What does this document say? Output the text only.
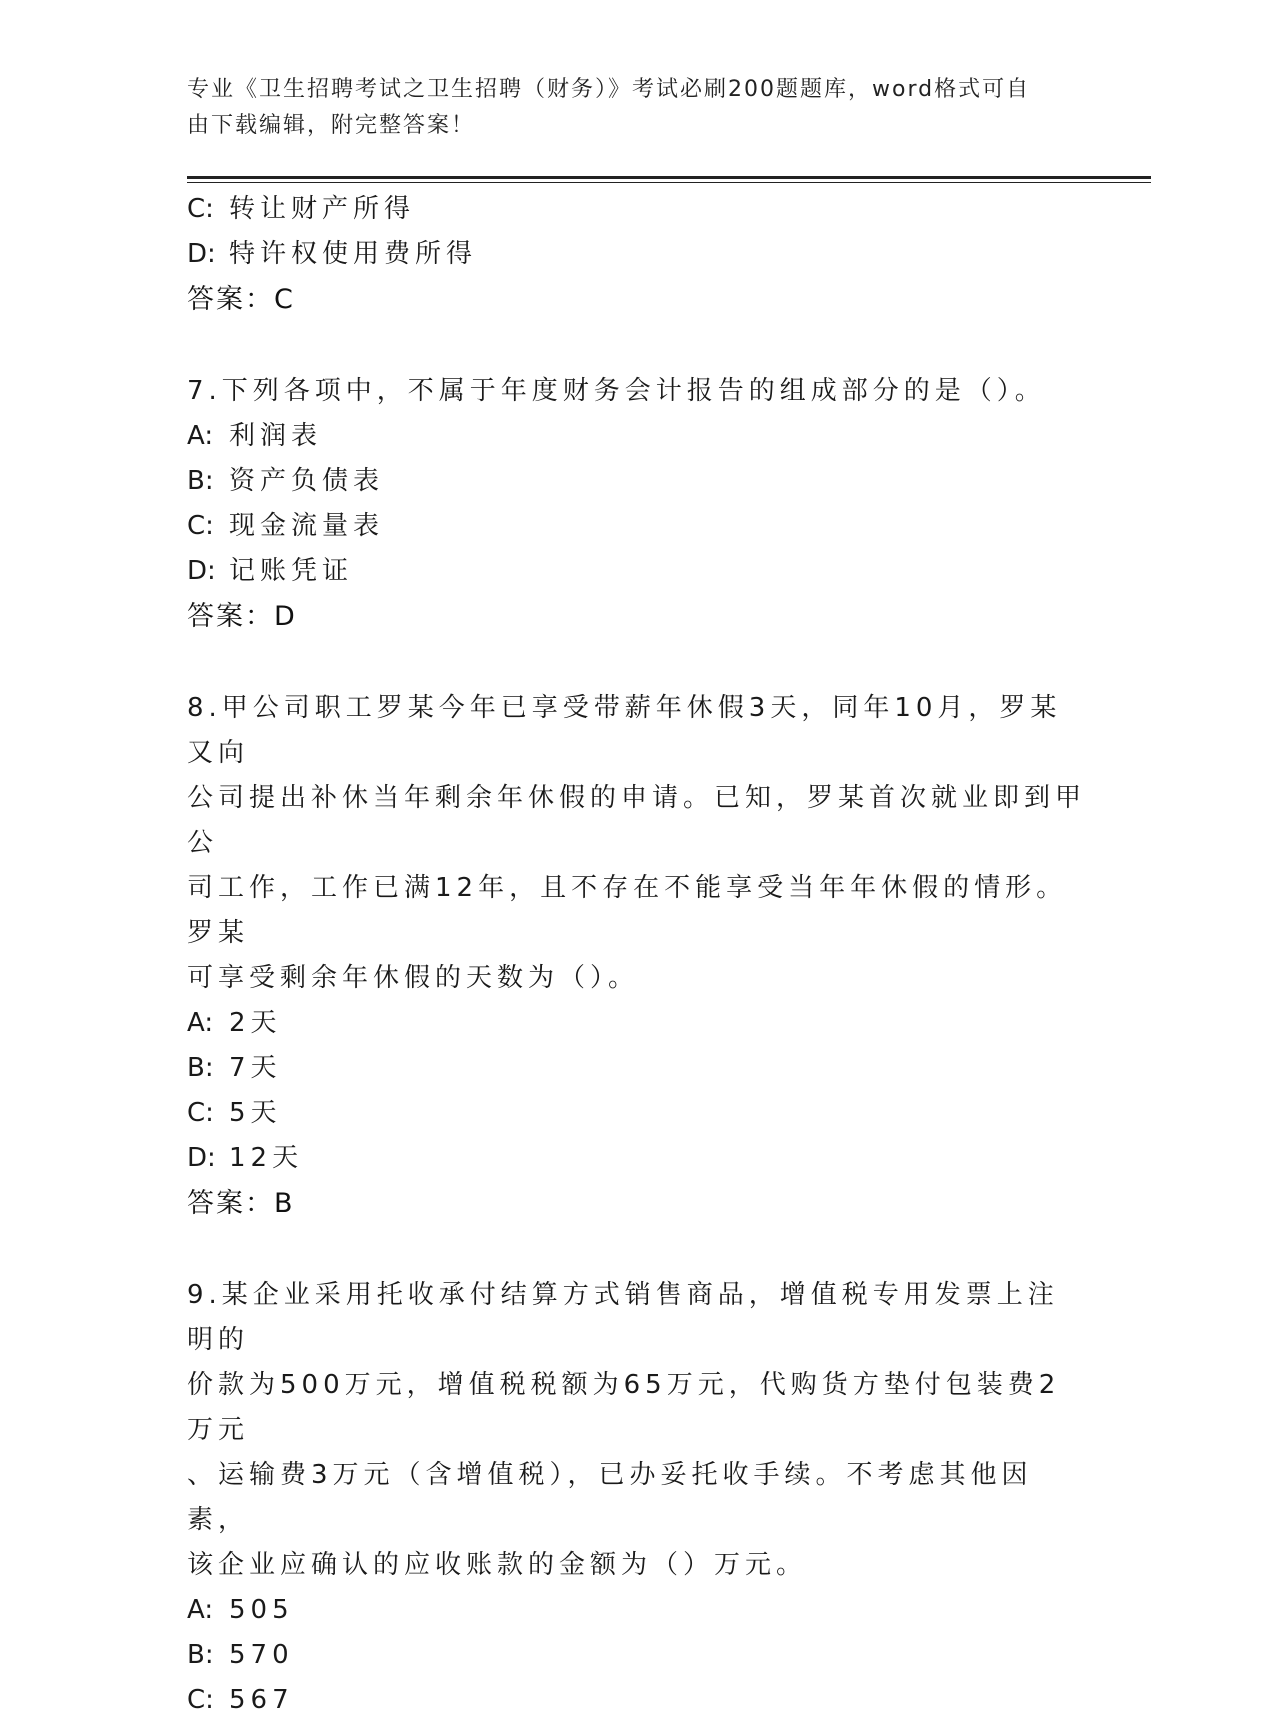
专业《卫生招聘考试之卫生招聘（财务）》考试必刷200题题库，word格式可自
由下载编辑，附完整答案！
C: 转让财产所得
D: 特许权使用费所得
答案：C
7.下列各项中，不属于年度财务会计报告的组成部分的是（）。
A: 利润表
B: 资产负债表
C: 现金流量表
D: 记账凭证
答案：D
8.甲公司职工罗某今年已享受带薪年休假3天，同年10月，罗某又向
公司提出补休当年剩余年休假的申请。已知，罗某首次就业即到甲公
司工作，工作已满12年，且不存在不能享受当年年休假的情形。罗某
可享受剩余年休假的天数为（）。
A: 2天
B: 7天
C: 5天
D: 12天
答案：B
9.某企业采用托收承付结算方式销售商品，增值税专用发票上注明的
价款为500万元，增值税税额为65万元，代购货方垫付包装费2万元
、运输费3万元（含增值税），已办妥托收手续。不考虑其他因素，
该企业应确认的应收账款的金额为（）万元。
A: 505
B: 570
C: 567
